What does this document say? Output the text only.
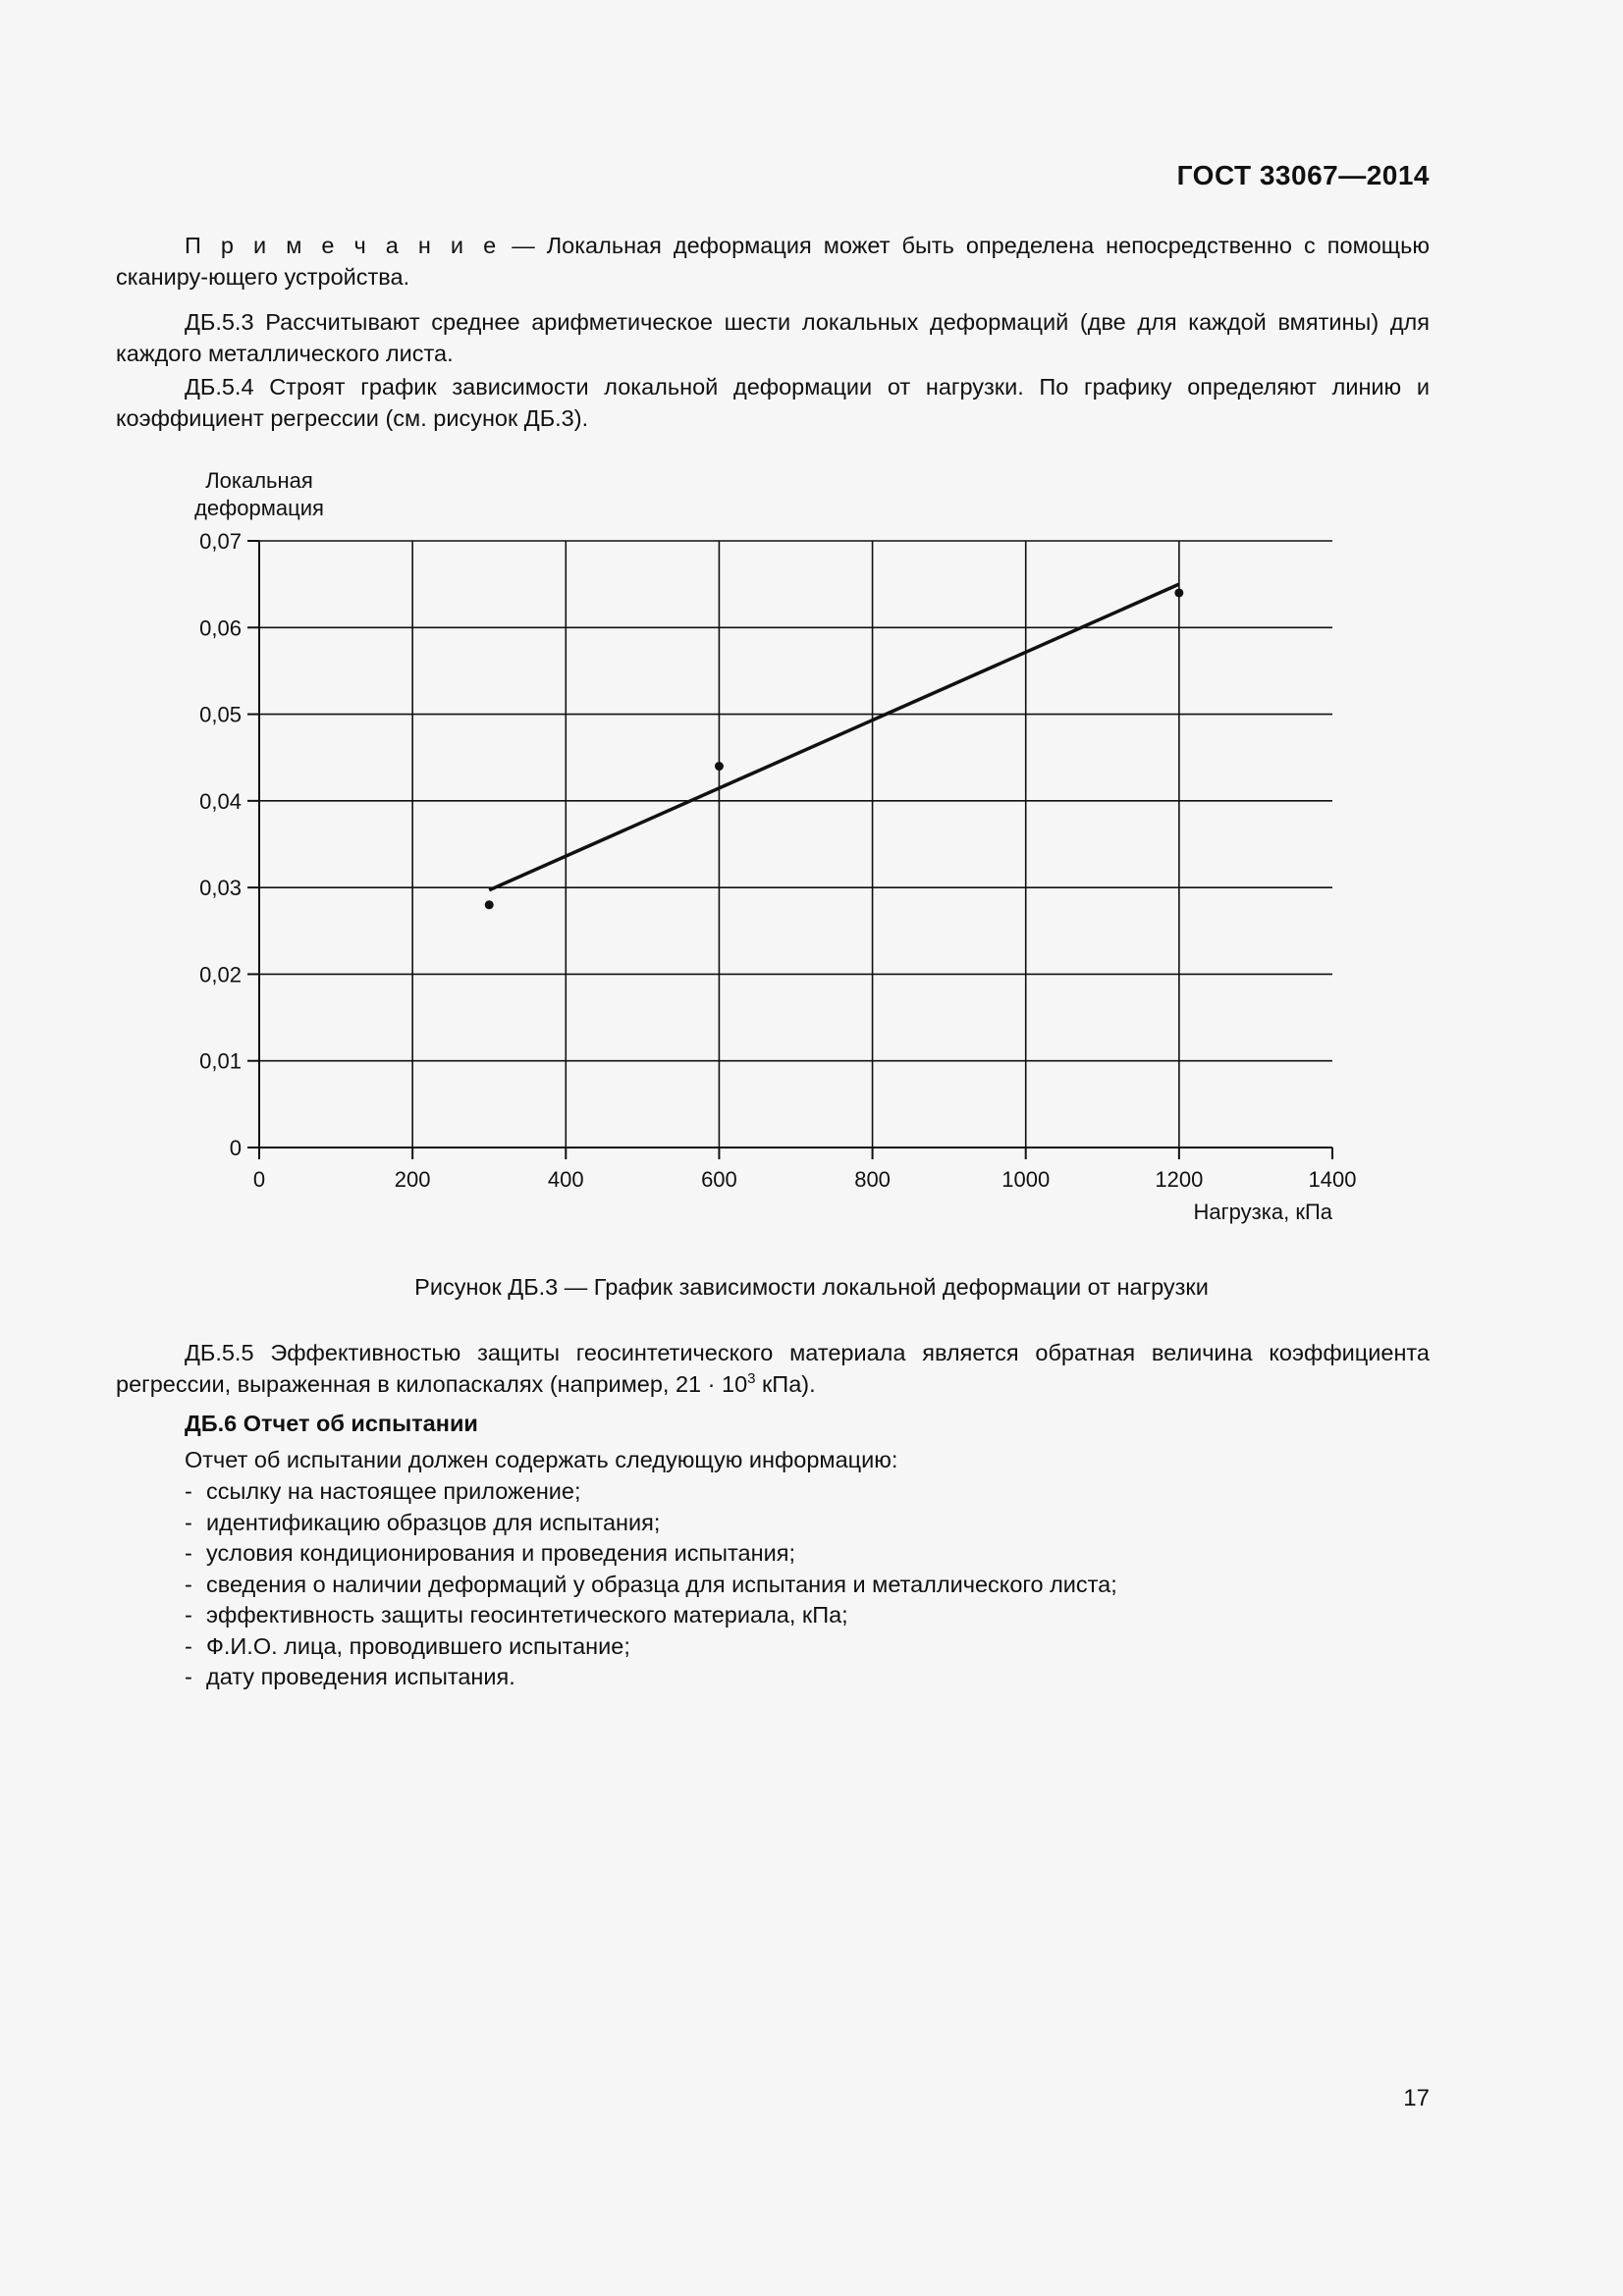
ГОСТ 33067—2014
П р и м е ч а н и е — Локальная деформация может быть определена непосредственно с помощью сканиру-ющего устройства.
ДБ.5.3 Рассчитывают среднее арифметическое шести локальных деформаций (две для каждой вмятины) для каждого металлического листа.
ДБ.5.4 Строят график зависимости локальной деформации от нагрузки. По графику определяют линию и коэффициент регрессии (см. рисунок ДБ.3).
Локальная
деформация
Нагрузка, кПа
0
0,01
0,02
0,03
0,04
0,05
0,06
0,07
0	200	400	600	800	1000	1200	1400
Рисунок ДБ.3 — График зависимости локальной деформации от нагрузки
ДБ.5.5 Эффективностью защиты геосинтетического материала является обратная величина коэффициента регрессии, выраженная в килопаскалях (например, $21 \cdot 10^3$ кПа).
ДБ.6 Отчет об испытании
Отчет об испытании должен содержать следующую информацию:
- ссылку на настоящее приложение;
- идентификацию образцов для испытания;
- условия кондиционирования и проведения испытания;
- сведения о наличии деформаций у образца для испытания и металлического листа;
- эффективность защиты геосинтетического материала, кПа;
- Ф.И.О. лица, проводившего испытание;
- дату проведения испытания.
17
